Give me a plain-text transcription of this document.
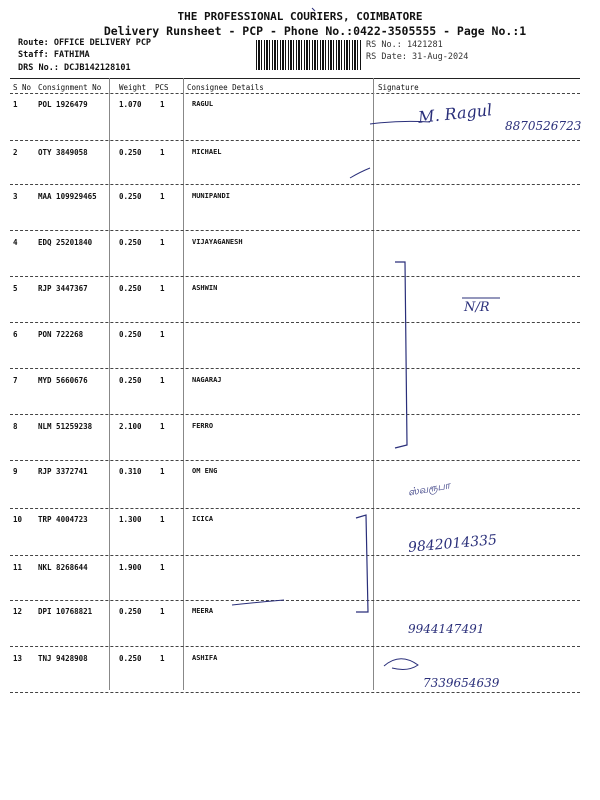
THE PROFESSIONAL COURIERS, COIMBATORE
Delivery Runsheet - PCP - Phone No.:0422-3505555 - Page No.:1
Route: OFFICE DELIVERY PCP
Staff: FATHIMA
DRS No.: DCJB142128101
RS No.: 1421281
RS Date: 31-Aug-2024
S No Consignment No Weight PCS Consignee Details	Signature
1	POL 1926479	1.070 1	RAGUL
2	OTY 3849058	0.250 1	MICHAEL
3	MAA 109929465	0.250 1	MUNIPANDI
4	EDQ 25201840	0.250 1	VIJAYAGANESH
5	RJP 3447367	0.250 1	ASHWIN
6	PON 722268	0.250 1
7	MYD 5660676	0.250 1	NAGARAJ
8	NLM 51259238	2.100 1	FERRO
9	RJP 3372741	0.310 1	OM ENG
10 TRP 4004723	1.300 1	ICICA
11 NKL 8268644	1.900 1
12 DPI 10768821	0.250 1	MEERA
13 TNJ 9428908	0.250 1	ASHIFA
M. Ragul 8870526723
N/R
ஸ்வரூபா
9842014335
9944147491
7339654639
